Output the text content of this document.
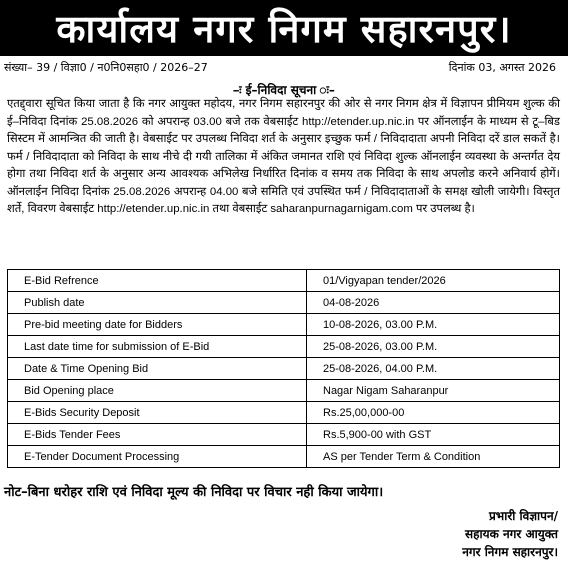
कार्यालय नगर निगम सहारनपुर।
संख्या– 39 / विज्ञा0 / न0नि0सहा0 / 2026–27	दिनांक 03, अगस्त 2026
–ः ई–निविदा सूचना ः–
एतद्द्वारा सूचित किया जाता है कि नगर आयुक्त महोदय, नगर निगम सहारनपुर की ओर से नगर निगम क्षेत्र में विज्ञापन प्रीमियम शुल्क की ई–निविदा दिनांक 25.08.2026 को अपरान्ह 03.00 बजे तक वेबसाईट http://etender.up.nic.in पर ऑनलाईन के माध्यम से टू–बिड सिस्टम में आमन्त्रित की जाती है। वेबसाईट पर उपलब्ध निविदा शर्त के अनुसार इच्छुक फर्म / निविदादाता अपनी निविदा दरें डाल सकतें है। फर्म / निविदादाता को निविदा के साथ नीचे दी गयी तालिका में अंकित जमानत राशि एवं निविदा शुल्क ऑनलाईन व्यवस्था के अन्तर्गत देय होगा तथा निविदा शर्त के अनुसार अन्य आवश्यक अभिलेख निर्धारित दिनांक व समय तक निविदा के साथ अपलोड करने अनिवार्य होगें। ऑनलाईन निविदा दिनांक 25.08.2026 अपरान्ह 04.00 बजे समिति एवं उपस्थित फर्म / निविदादाताओं के समक्ष खोली जायेगी। विस्तृत शर्ते, विवरण वेबसाईट http://etender.up.nic.in तथा वेबसाईट saharanpurnagarnigam.com पर उपलब्ध है।
E-Bid Refrence	01/Vigyapan tender/2026
Publish date	04-08-2026
Pre-bid meeting date for Bidders	10-08-2026, 03.00 P.M.
Last date time for submission of E-Bid	25-08-2026, 03.00 P.M.
Date & Time Opening Bid	25-08-2026, 04.00 P.M.
Bid Opening place	Nagar Nigam Saharanpur
E-Bids Security Deposit	Rs.25,00,000-00
E-Bids Tender Fees	Rs.5,900-00 with GST
E-Tender Document Processing	AS per Tender Term & Condition
नोट–बिना धरोहर राशि एवं निविदा मूल्य की निविदा पर विचार नही किया जायेगा।
प्रभारी विज्ञापन/
सहायक नगर आयुक्त
नगर निगम सहारनपुर।
